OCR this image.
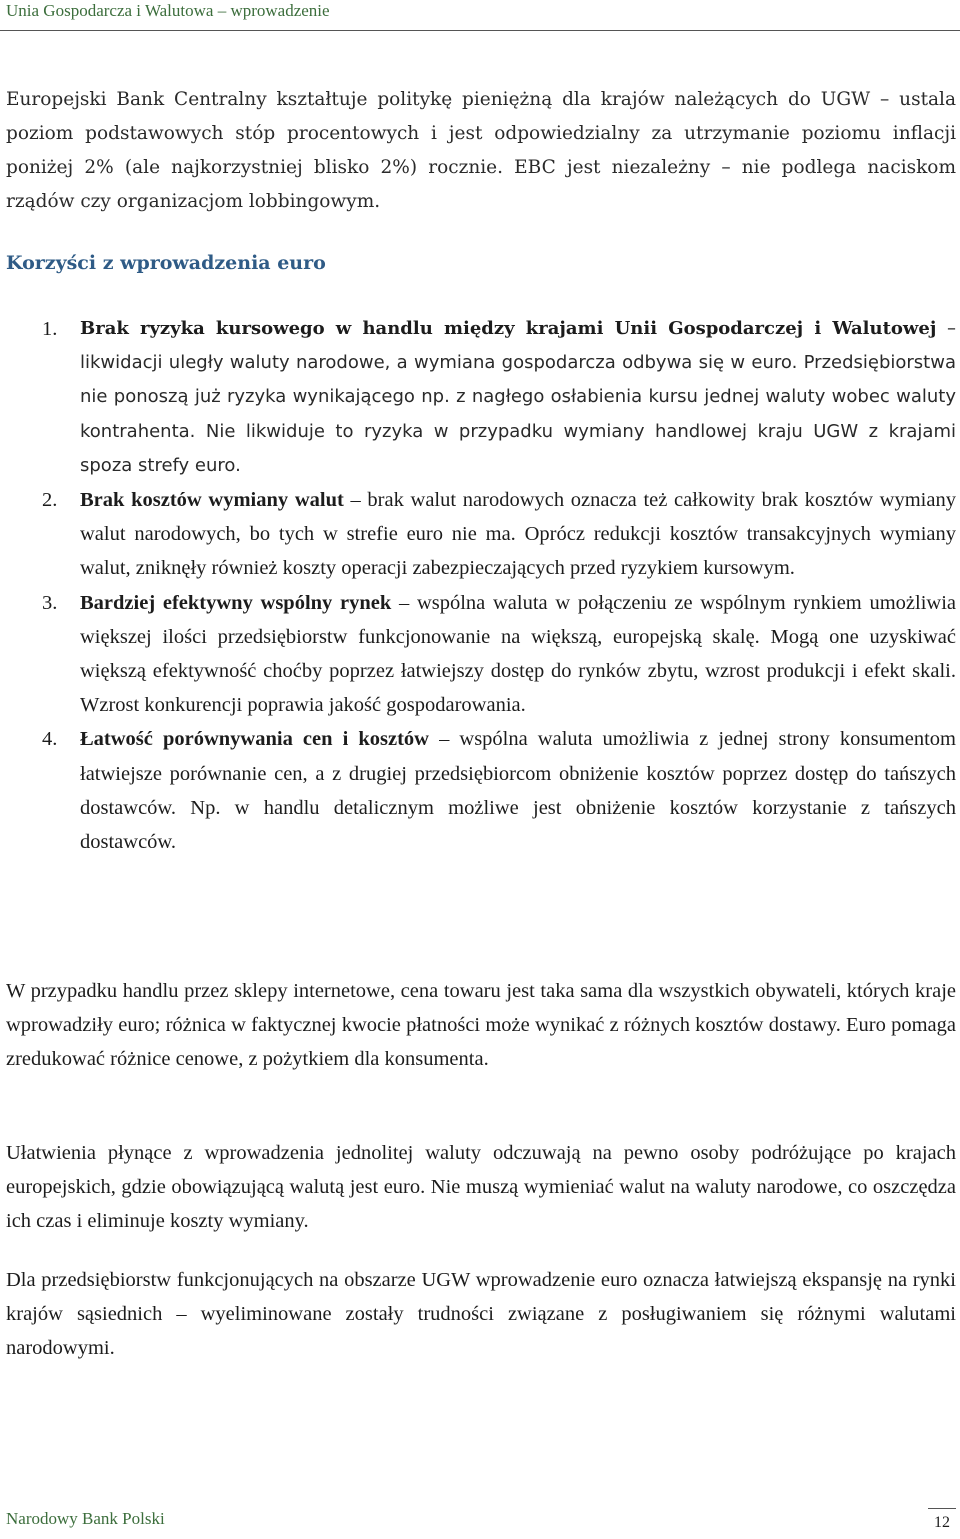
Unia Gospodarcza i Walutowa – wprowadzenie

Europejski Bank Centralny kształtuje politykę pieniężną dla krajów należących do UGW – ustala poziom podstawowych stóp procentowych i jest odpowiedzialny za utrzymanie poziomu inflacji poniżej 2% (ale najkorzystniej blisko 2%) rocznie. EBC jest niezależny – nie podlega naciskom rządów czy organizacjom lobbingowym.

Korzyści z wprowadzenia euro
1. Brak ryzyka kursowego w handlu między krajami Unii Gospodarczej i Walutowej – likwidacji uległy waluty narodowe, a wymiana gospodarcza odbywa się w euro. Przedsiębiorstwa nie ponoszą już ryzyka wynikającego np. z nagłego osłabienia kursu jednej waluty wobec waluty kontrahenta. Nie likwiduje to ryzyka w przypadku wymiany handlowej kraju UGW z krajami spoza strefy euro.
2. Brak kosztów wymiany walut – brak walut narodowych oznacza też całkowity brak kosztów wymiany walut narodowych, bo tych w strefie euro nie ma. Oprócz redukcji kosztów transakcyjnych wymiany walut, zniknęły również koszty operacji zabezpieczających przed ryzykiem kursowym.
3. Bardziej efektywny wspólny rynek – wspólna waluta w połączeniu ze wspólnym rynkiem umożliwia większej ilości przedsiębiorstw funkcjonowanie na większą, europejską skalę. Mogą one uzyskiwać większą efektywność choćby poprzez łatwiejszy dostęp do rynków zbytu, wzrost produkcji i efekt skali. Wzrost konkurencji poprawia jakość gospodarowania.
4. Łatwość porównywania cen i kosztów – wspólna waluta umożliwia z jednej strony konsumentom łatwiejsze porównanie cen, a z drugiej przedsiębiorcom obniżenie kosztów poprzez dostęp do tańszych dostawców. Np. w handlu detalicznym możliwe jest obniżenie kosztów korzystanie z tańszych dostawców.

W przypadku handlu przez sklepy internetowe, cena towaru jest taka sama dla wszystkich obywateli, których kraje wprowadziły euro; różnica w faktycznej kwocie płatności może wynikać z różnych kosztów dostawy. Euro pomaga zredukować różnice cenowe, z pożytkiem dla konsumenta.

Ułatwienia płynące z wprowadzenia jednolitej waluty odczuwają na pewno osoby podróżujące po krajach europejskich, gdzie obowiązującą walutą jest euro. Nie muszą wymieniać walut na waluty narodowe, co oszczędza ich czas i eliminuje koszty wymiany.

Dla przedsiębiorstw funkcjonujących na obszarze UGW wprowadzenie euro oznacza łatwiejszą ekspansję na rynki krajów sąsiednich – wyeliminowane zostały trudności związane z posługiwaniem się różnymi walutami narodowymi.

Narodowy Bank Polski	12
